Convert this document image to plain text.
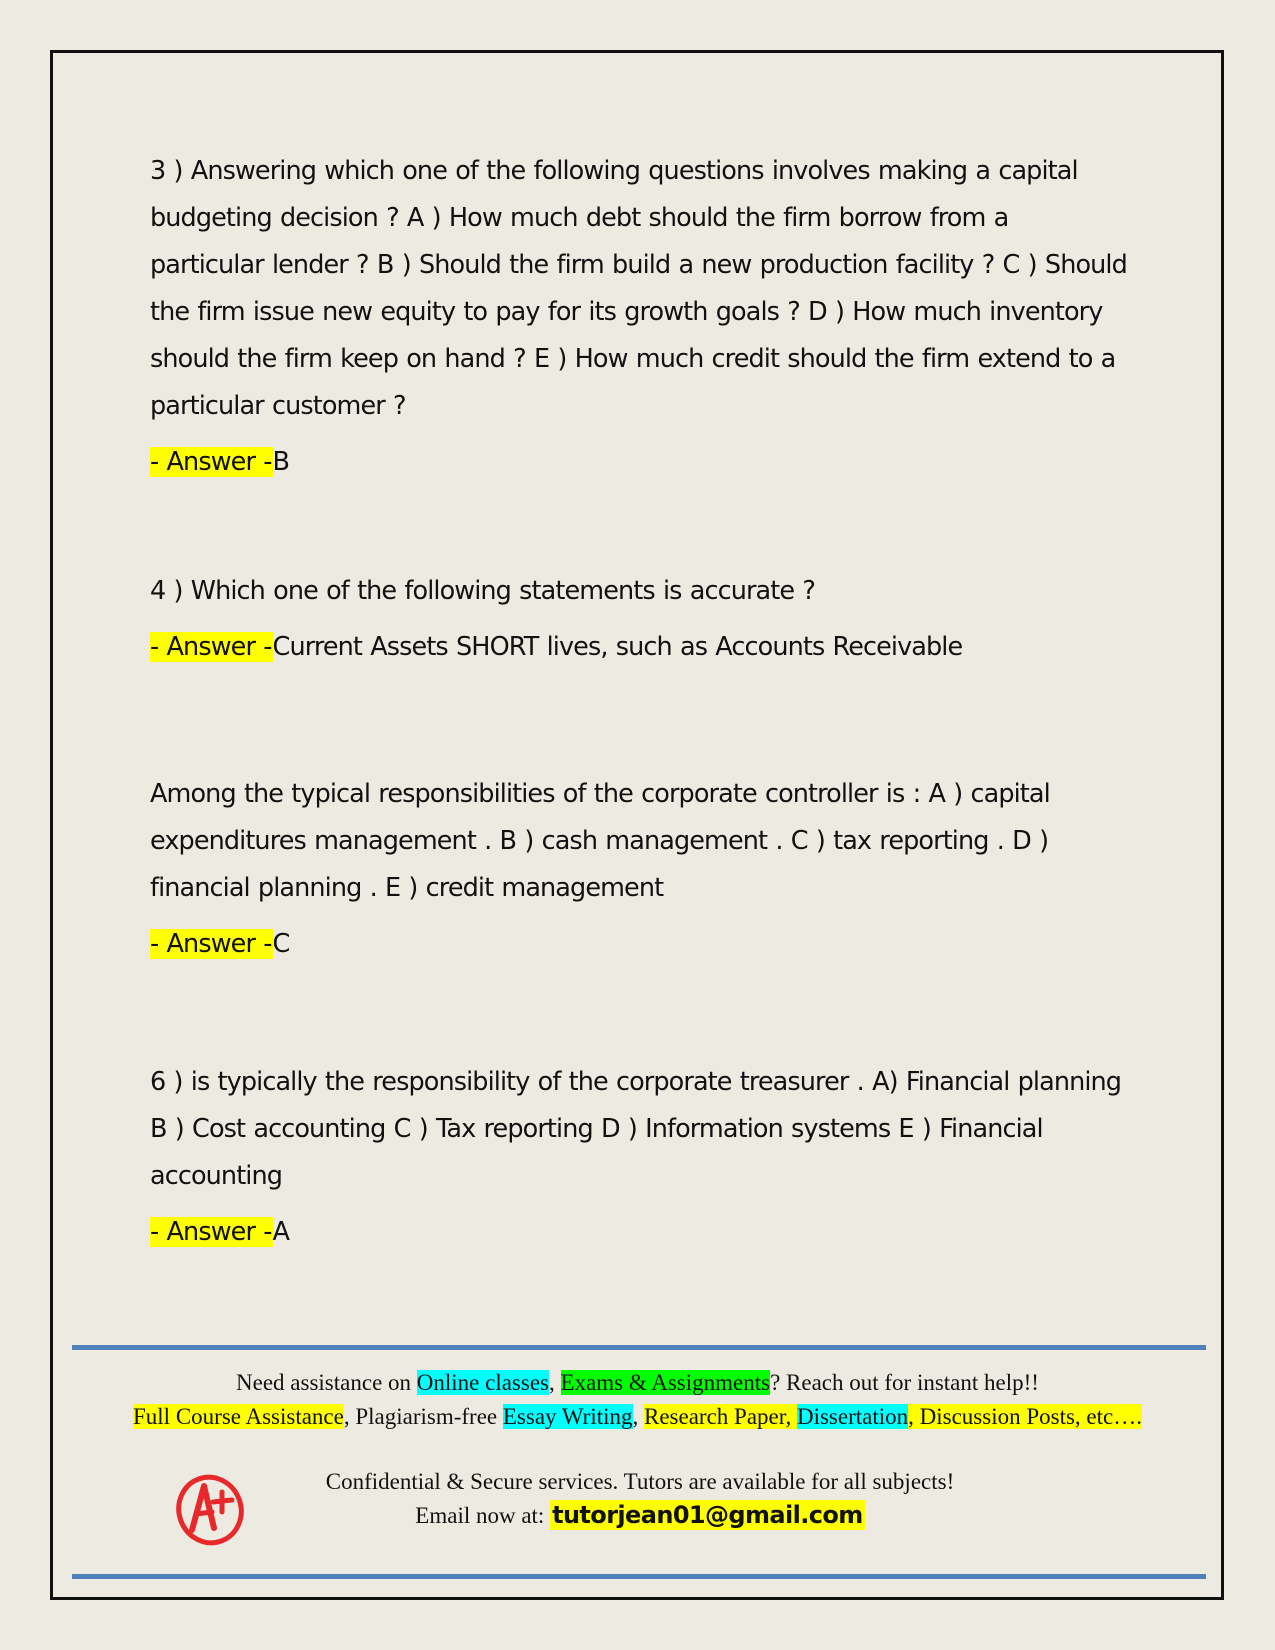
3 ) Answering which one of the following questions involves making a capital budgeting decision ? A ) How much debt should the firm borrow from a particular lender ? B ) Should the firm build a new production facility ? C ) Should the firm issue new equity to pay for its growth goals ? D ) How much inventory should the firm keep on hand ? E ) How much credit should the firm extend to a particular customer ?

- Answer -B

4 ) Which one of the following statements is accurate ?

- Answer -Current Assets SHORT lives, such as Accounts Receivable

Among the typical responsibilities of the corporate controller is : A ) capital expenditures management . B ) cash management . C ) tax reporting . D ) financial planning . E ) credit management

- Answer -C

6 ) is typically the responsibility of the corporate treasurer . A) Financial planning B ) Cost accounting C ) Tax reporting D ) Information systems E ) Financial accounting

- Answer -A

Need assistance on Online classes, Exams & Assignments? Reach out for instant help!!
Full Course Assistance, Plagiarism-free Essay Writing, Research Paper, Dissertation, Discussion Posts, etc….
Confidential & Secure services. Tutors are available for all subjects!
Email now at: tutorjean01@gmail.com
